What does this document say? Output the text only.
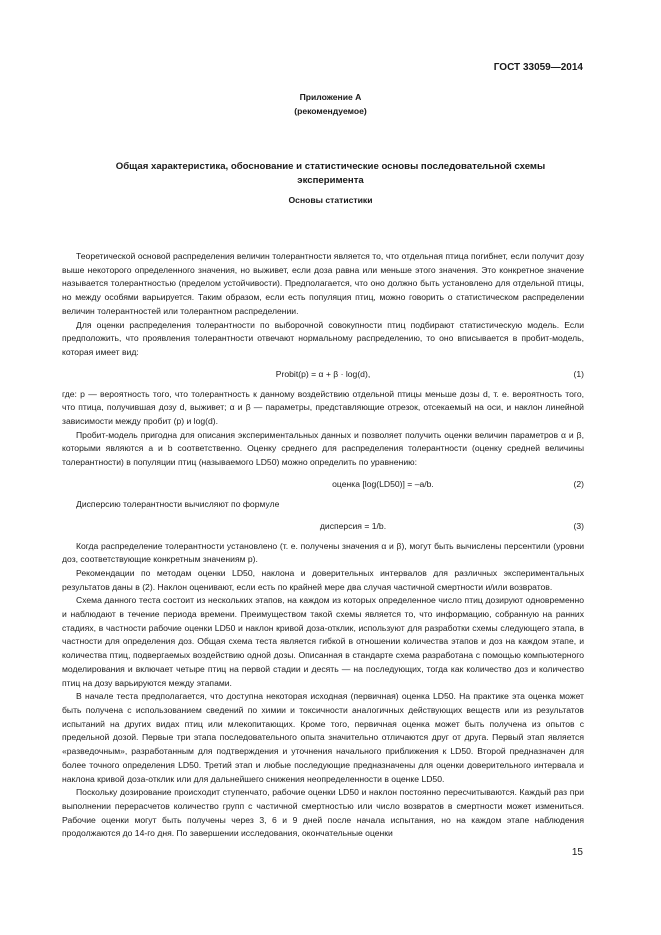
ГОСТ 33059—2014
Приложение А
(рекомендуемое)
Общая характеристика, обоснование и статистические основы последовательной схемы
эксперимента
Основы статистики

Теоретической основой распределения величин толерантности является то, что отдельная птица погибнет, если получит дозу выше некоторого определенного значения, но выживет, если доза равна или меньше этого значения. Это конкретное значение называется толерантностью (пределом устойчивости). Предполагается, что оно должно быть установлено для отдельной птицы, но между особями варьируется. Таким образом, если есть популяция птиц, можно говорить о статистическом распределении величин толерантностей или толерантном распределении.

Для оценки распределения толерантности по выборочной совокупности птиц подбирают статистическую модель. Если предположить, что проявления толерантности отвечают нормальному распределению, то оно вписывается в пробит-модель, которая имеет вид:

Probit(p) = α + β · log(d),	(1)

где: p — вероятность того, что толерантность к данному воздействию отдельной птицы меньше дозы d, т. е. вероятность того, что птица, получившая дозу d, выживет; α и β — параметры, представляющие отрезок, отсекаемый на оси, и наклон линейной зависимости между пробит (p) и log(d).

Пробит-модель пригодна для описания экспериментальных данных и позволяет получить оценки величин параметров α и β, которыми являются a и b соответственно. Оценку среднего для распределения толерантности (оценку средней величины толерантности) в популяции птиц (называемого LD50) можно определить по уравнению:

оценка [log(LD50)] = –a/b.	(2)

Дисперсию толерантности вычисляют по формуле

дисперсия = 1/b.	(3)

Когда распределение толерантности установлено (т. е. получены значения α и β), могут быть вычислены персентили (уровни доз, соответствующие конкретным значениям p).

Рекомендации по методам оценки LD50, наклона и доверительных интервалов для различных экспериментальных результатов даны в (2). Наклон оценивают, если есть по крайней мере два случая частичной смертности и/или возвратов.

Схема данного теста состоит из нескольких этапов, на каждом из которых определенное число птиц дозируют одновременно и наблюдают в течение периода времени. Преимуществом такой схемы является то, что информацию, собранную на ранних стадиях, в частности рабочие оценки LD50 и наклон кривой доза-отклик, используют для разработки схемы следующего этапа, в частности для определения доз. Общая схема теста является гибкой в отношении количества этапов и доз на каждом этапе, и количества птиц, подвергаемых воздействию одной дозы. Описанная в стандарте схема разработана с помощью компьютерного моделирования и включает четыре птиц на первой стадии и десять — на последующих, тогда как количество доз и количество птиц на дозу варьируются между этапами.

В начале теста предполагается, что доступна некоторая исходная (первичная) оценка LD50. На практике эта оценка может быть получена с использованием сведений по химии и токсичности аналогичных действующих веществ или из результатов испытаний на других видах птиц или млекопитающих. Кроме того, первичная оценка может быть получена из опытов с предельной дозой. Первые три этапа последовательного опыта значительно отличаются друг от друга. Первый этап является «разведочным», разработанным для подтверждения и уточнения начального приближения к LD50. Второй предназначен для более точного определения LD50. Третий этап и любые последующие предназначены для оценки доверительного интервала и наклона кривой доза-отклик или для дальнейшего снижения неопределенности в оценке LD50.

Поскольку дозирование происходит ступенчато, рабочие оценки LD50 и наклон постоянно пересчитываются. Каждый раз при выполнении перерасчетов количество групп с частичной смертностью или число возвратов в смертности может измениться. Рабочие оценки могут быть получены через 3, 6 и 9 дней после начала испытания, но на каждом этапе наблюдения продолжаются до 14-го дня. По завершении исследования, окончательные оценки

15
